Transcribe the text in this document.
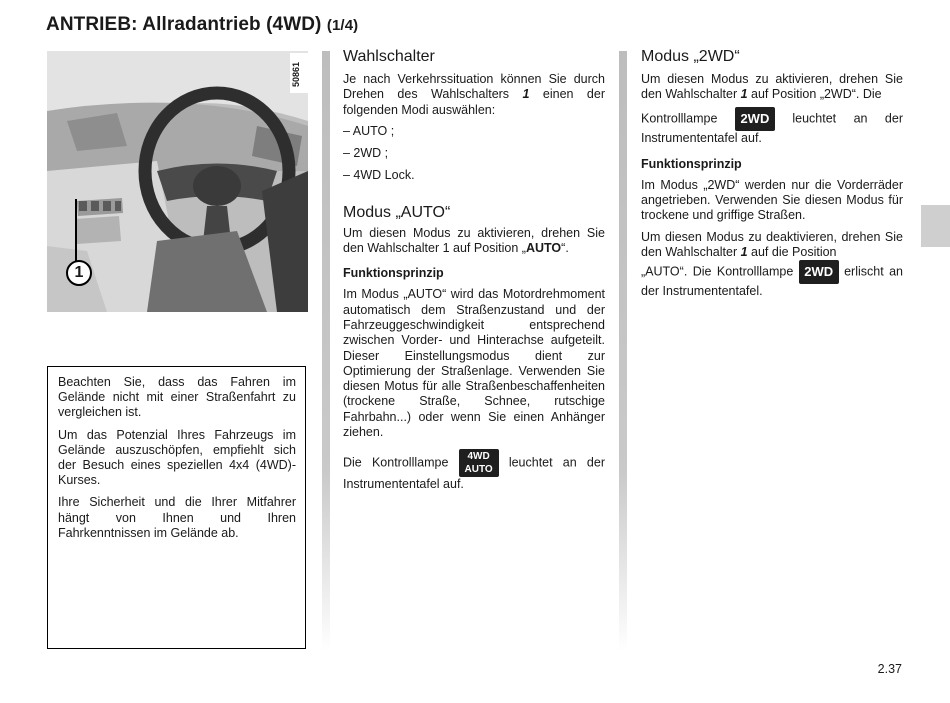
ANTRIEB: Allradantrieb (4WD) (1/4)
50861
1

Beachten Sie, dass das Fahren im Gelände nicht mit einer Straßenfahrt zu vergleichen ist.

Um das Potenzial Ihres Fahrzeugs im Gelände auszuschöpfen, empfiehlt sich der Besuch eines speziellen 4x4 (4WD)-Kurses.

Ihre Sicherheit und die Ihrer Mitfahrer hängt von Ihnen und Ihren Fahrkenntnissen im Gelände ab.

Wahlschalter

Je nach Verkehrssituation können Sie durch Drehen des Wahlschalters 1 einen der folgenden Modi auswählen:

– AUTO ;
– 2WD ;
– 4WD Lock.
Modus „AUTO“

Um diesen Modus zu aktivieren, drehen Sie den Wahlschalter 1 auf Position „AUTO“.

Funktionsprinzip

Im Modus „AUTO“ wird das Motordrehmoment automatisch dem Straßenzustand und der Fahrzeuggeschwindigkeit entsprechend zwischen Vorder- und Hinterachse aufgeteilt. Dieser Einstellungsmodus dient zur Optimierung der Straßenlage. Verwenden Sie diesen Motus für alle Straßenbeschaffenheiten (trockene Straße, Schnee, rutschige Fahrbahn...) oder wenn Sie einen Anhänger ziehen.

Die Kontrolllampe 4WD
AUTO leuchtet an der Instrumententafel auf.

Modus „2WD“

Um diesen Modus zu aktivieren, drehen Sie den Wahlschalter 1 auf Position „2WD“. Die

Kontrolllampe 2WD leuchtet an der Instrumententafel auf.

Funktionsprinzip

Im Modus „2WD“ werden nur die Vorderräder angetrieben. Verwenden Sie diesen Modus für trockene und griffige Straßen.

Um diesen Modus zu deaktivieren, drehen Sie den Wahlschalter 1 auf die Position
„AUTO“. Die Kontrolllampe 2WD erlischt an der Instrumententafel.

2.37
